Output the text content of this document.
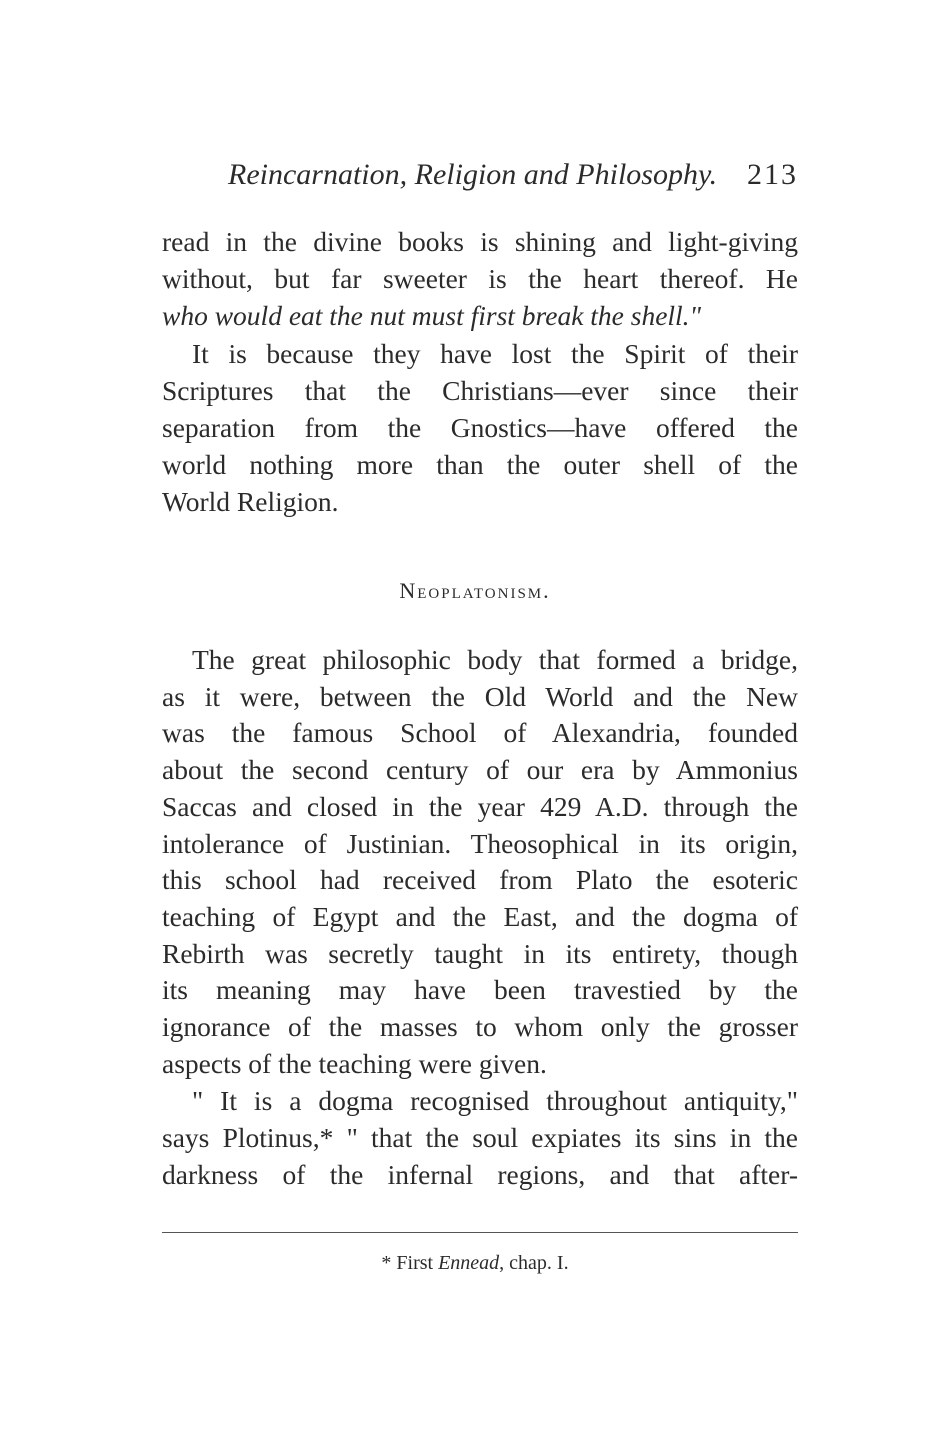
Reincarnation, Religion and Philosophy. 213
read in the divine books is shining and light-giving
without, but far sweeter is the heart thereof. He
who would eat the nut must first break the shell."
It is because they have lost the Spirit of their
Scriptures that the Christians—ever since their
separation from the Gnostics—have offered the
world nothing more than the outer shell of the
World Religion.
Neoplatonism.
The great philosophic body that formed a bridge,
as it were, between the Old World and the New
was the famous School of Alexandria, founded
about the second century of our era by Ammonius
Saccas and closed in the year 429 A.D. through the
intolerance of Justinian. Theosophical in its origin,
this school had received from Plato the esoteric
teaching of Egypt and the East, and the dogma of
Rebirth was secretly taught in its entirety, though
its meaning may have been travestied by the
ignorance of the masses to whom only the grosser
aspects of the teaching were given.
" It is a dogma recognised throughout antiquity,"
says Plotinus,* " that the soul expiates its sins in the
darkness of the infernal regions, and that after-
* First Ennead, chap. I.
